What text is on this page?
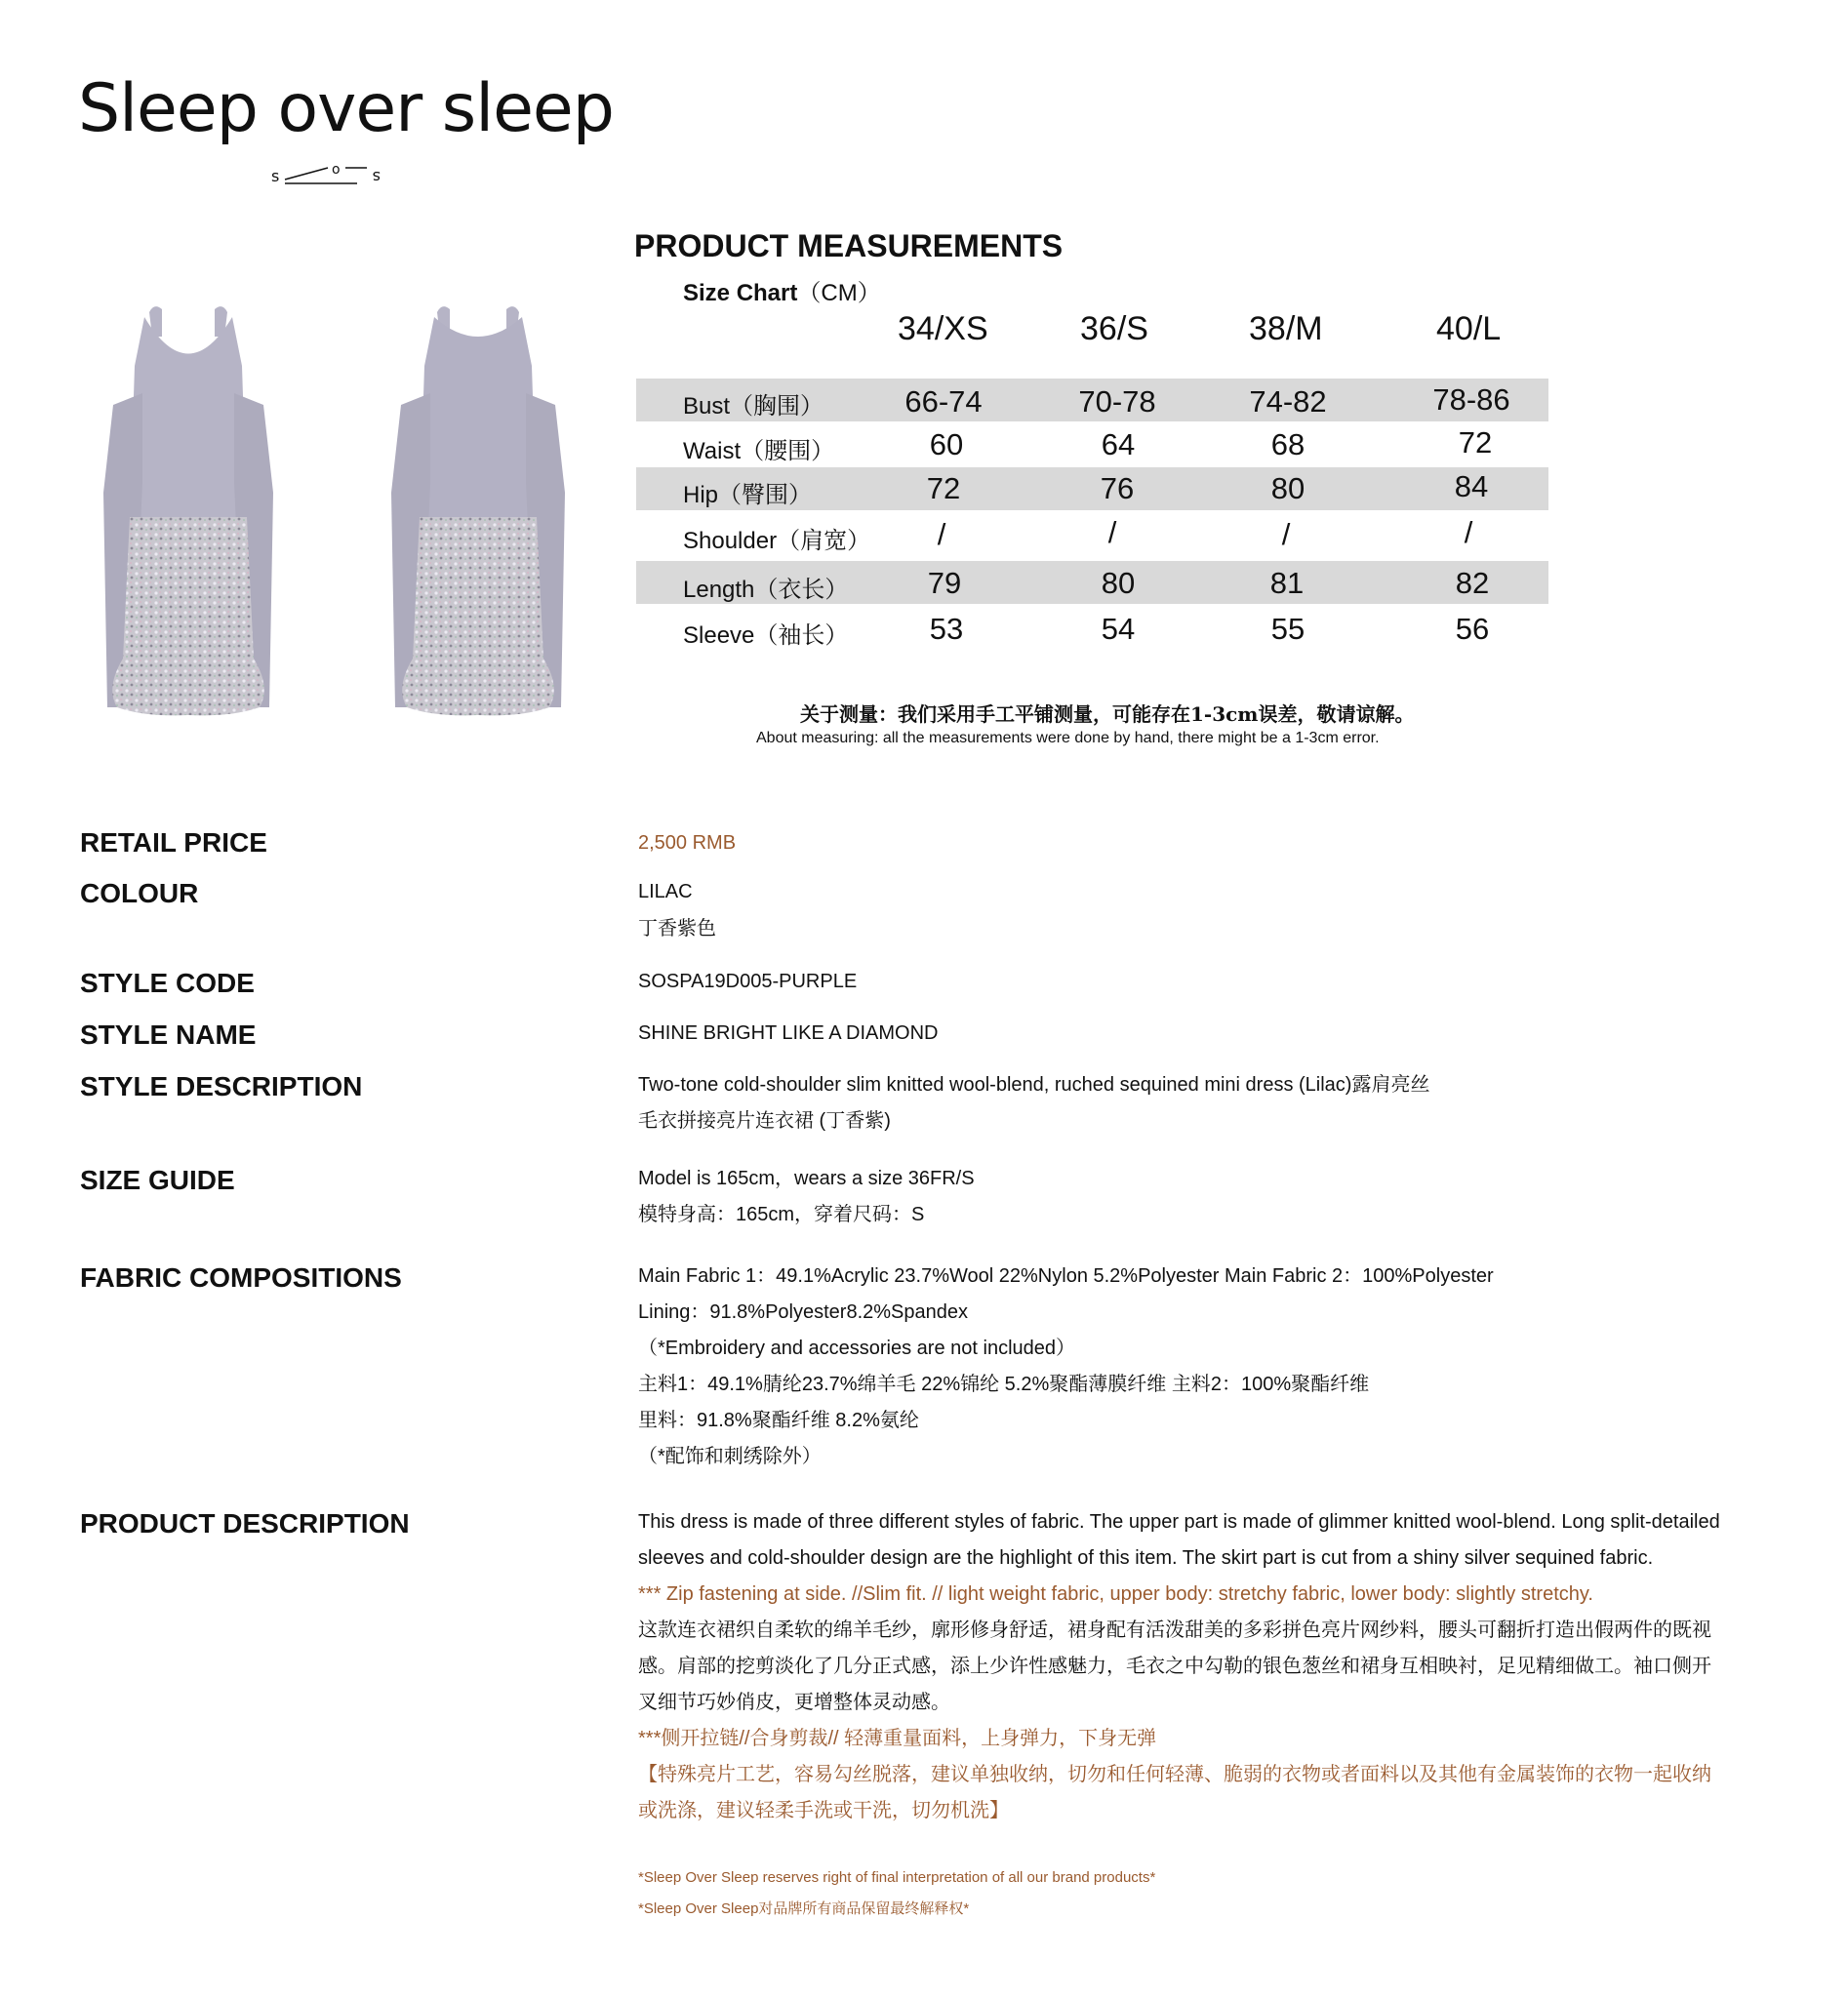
Sleep over sleep
s	o s
PRODUCT MEASUREMENTS
Size Chart（CM）
34/XS	36/S	38/M	40/L
Bust（胸围）	66-74	70-78	74-82	78-86
Waist（腰围）	60	64	68	72
Hip（臀围）	72	76	80	84
Shoulder（肩宽） /	/	/	/
Length（衣长）	79	80	81	82
Sleeve（袖长）	53	54	55	56
关于测量：我们采用手工平铺测量，可能存在1-3cm误差，敬请谅解。
About measuring: all the measurements were done by hand, there might be a 1-3cm error.
RETAIL PRICE	2,500 RMB
COLOUR	LILAC
丁香紫色
STYLE CODE	SOSPA19D005-PURPLE
STYLE NAME	SHINE BRIGHT LIKE A DIAMOND
STYLE DESCRIPTION	Two-tone cold-shoulder slim knitted wool-blend, ruched sequined mini dress (Lilac)露肩亮丝
毛衣拼接亮片连衣裙 (丁香紫)
SIZE GUIDE	Model is 165cm，wears a size 36FR/S
模特身高：165cm，穿着尺码：S
FABRIC COMPOSITIONS	Main Fabric 1：49.1%Acrylic 23.7%Wool 22%Nylon 5.2%Polyester Main Fabric 2：100%Polyester
Lining：91.8%Polyester8.2%Spandex
（*Embroidery and accessories are not included）
主料1：49.1%腈纶23.7%绵羊毛 22%锦纶 5.2%聚酯薄膜纤维 主料2：100%聚酯纤维
里料：91.8%聚酯纤维 8.2%氨纶
（*配饰和刺绣除外）
PRODUCT DESCRIPTION	This dress is made of three different styles of fabric. The upper part is made of glimmer knitted wool-blend. Long split-detailed
sleeves and cold-shoulder design are the highlight of this item. The skirt part is cut from a shiny silver sequined fabric.
*** Zip fastening at side. //Slim fit. // light weight fabric, upper body: stretchy fabric, lower body: slightly stretchy.
这款连衣裙织自柔软的绵羊毛纱，廓形修身舒适，裙身配有活泼甜美的多彩拼色亮片网纱料，腰头可翻折打造出假两件的既视
感。肩部的挖剪淡化了几分正式感，添上少许性感魅力，毛衣之中勾勒的银色葱丝和裙身互相映衬，足见精细做工。袖口侧开
叉细节巧妙俏皮，更增整体灵动感。
***侧开拉链//合身剪裁// 轻薄重量面料，上身弹力，下身无弹
【特殊亮片工艺，容易勾丝脱落，建议单独收纳，切勿和任何轻薄、脆弱的衣物或者面料以及其他有金属装饰的衣物一起收纳
或洗涤，建议轻柔手洗或干洗，切勿机洗】
*Sleep Over Sleep reserves right of final interpretation of all our brand products*
*Sleep Over Sleep对品牌所有商品保留最终解释权*
